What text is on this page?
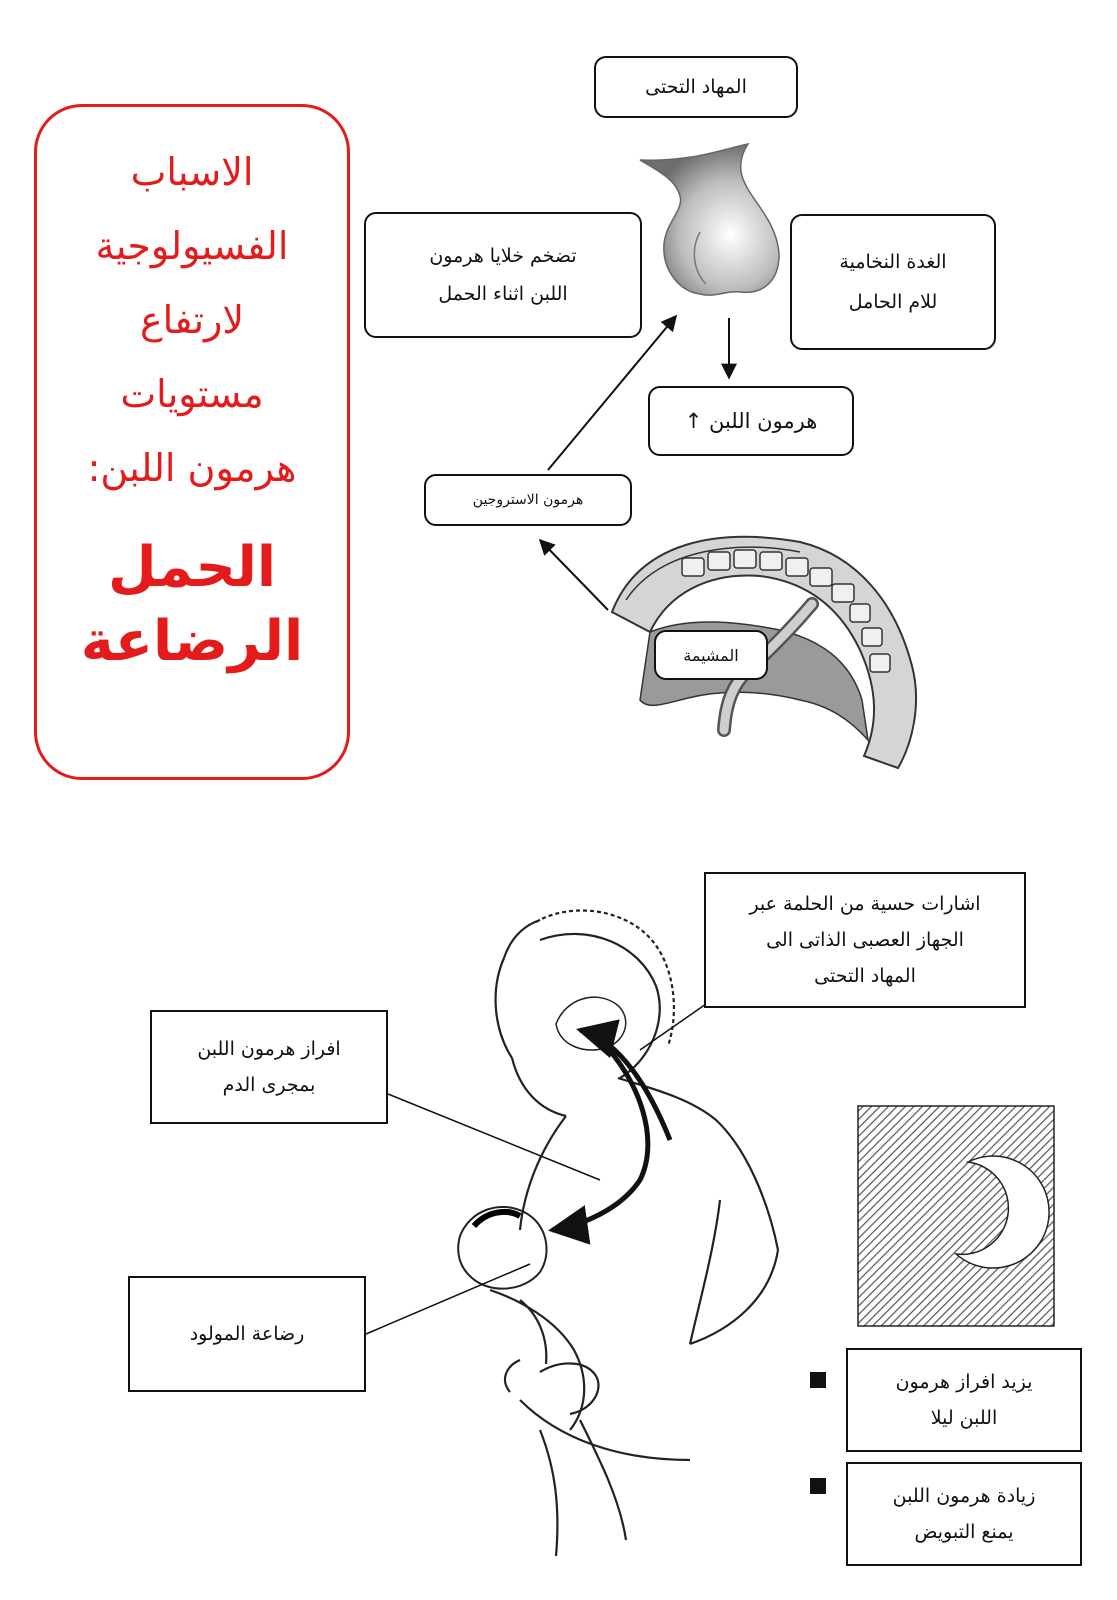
الاسباب
الفسيولوجية
لارتفاع
مستويات
هرمون اللبن:
الحمل
الرضاعة
المهاد التحتى
تضخم خلايا هرمون
اللبن اثناء الحمل
الغدة النخامية
للام الحامل
هرمون اللبن ↑
هرمون الاستروجين
المشيمة
اشارات حسية من الحلمة عبر
الجهاز العصبى الذاتى الى
المهاد التحتى
افراز هرمون اللبن
بمجرى الدم
رضاعة المولود
يزيد افراز هرمون
اللبن ليلا
زيادة هرمون اللبن
يمنع التبويض
